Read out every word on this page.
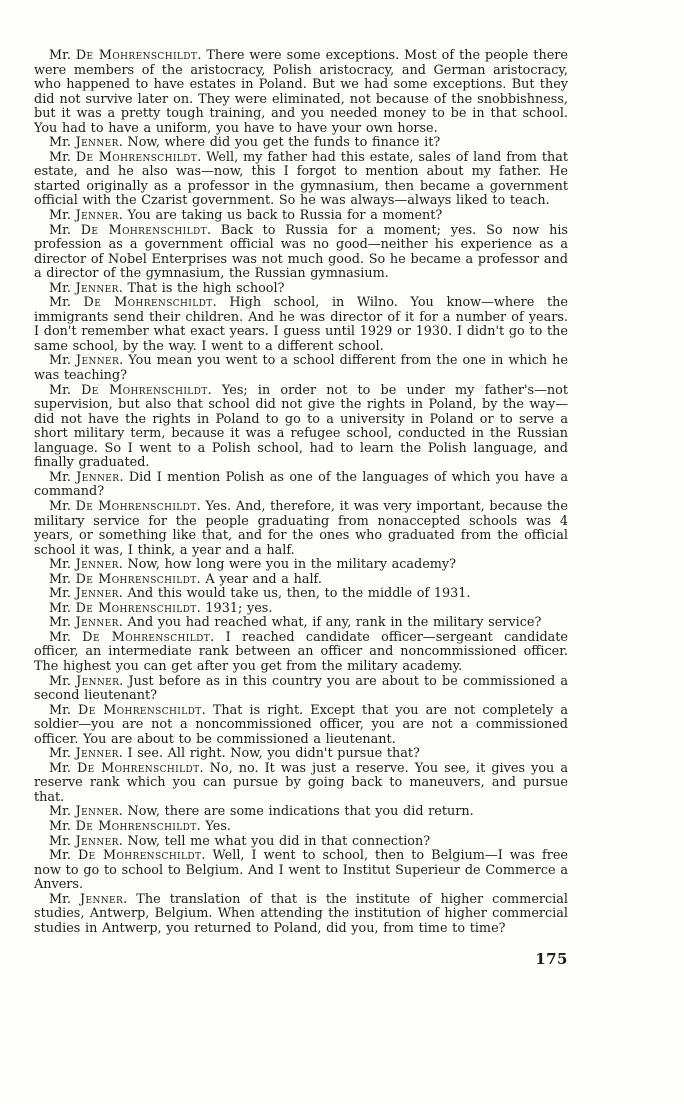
Mr. De Mohrenschildt. There were some exceptions. Most of the people there were members of the aristocracy, Polish aristocracy, and German aristocracy, who happened to have estates in Poland. But we had some exceptions. But they did not survive later on. They were eliminated, not because of the snobbishness, but it was a pretty tough training, and you needed money to be in that school. You had to have a uniform, you have to have your own horse.

Mr. Jenner. Now, where did you get the funds to finance it?

Mr. De Mohrenschildt. Well, my father had this estate, sales of land from that estate, and he also was—now, this I forgot to mention about my father. He started originally as a professor in the gymnasium, then became a government official with the Czarist government. So he was always—always liked to teach.

Mr. Jenner. You are taking us back to Russia for a moment?

Mr. De Mohrenschildt. Back to Russia for a moment; yes. So now his profession as a government official was no good—neither his experience as a director of Nobel Enterprises was not much good. So he became a professor and a director of the gymnasium, the Russian gymnasium.

Mr. Jenner. That is the high school?

Mr. De Mohrenschildt. High school, in Wilno. You know—where the immigrants send their children. And he was director of it for a number of years. I don't remember what exact years. I guess until 1929 or 1930. I didn't go to the same school, by the way. I went to a different school.

Mr. Jenner. You mean you went to a school different from the one in which he was teaching?

Mr. De Mohrenschildt. Yes; in order not to be under my father's—not supervision, but also that school did not give the rights in Poland, by the way—did not have the rights in Poland to go to a university in Poland or to serve a short military term, because it was a refugee school, conducted in the Russian language. So I went to a Polish school, had to learn the Polish language, and finally graduated.

Mr. Jenner. Did I mention Polish as one of the languages of which you have a command?

Mr. De Mohrenschildt. Yes. And, therefore, it was very important, because the military service for the people graduating from nonaccepted schools was 4 years, or something like that, and for the ones who graduated from the official school it was, I think, a year and a half.

Mr. Jenner. Now, how long were you in the military academy?

Mr. De Mohrenschildt. A year and a half.

Mr. Jenner. And this would take us, then, to the middle of 1931.

Mr. De Mohrenschildt. 1931; yes.

Mr. Jenner. And you had reached what, if any, rank in the military service?

Mr. De Mohrenschildt. I reached candidate officer—sergeant candidate officer, an intermediate rank between an officer and noncommissioned officer. The highest you can get after you get from the military academy.

Mr. Jenner. Just before as in this country you are about to be commissioned a second lieutenant?

Mr. De Mohrenschildt. That is right. Except that you are not completely a soldier—you are not a noncommissioned officer, you are not a commissioned officer. You are about to be commissioned a lieutenant.

Mr. Jenner. I see. All right. Now, you didn't pursue that?

Mr. De Mohrenschildt. No, no. It was just a reserve. You see, it gives you a reserve rank which you can pursue by going back to maneuvers, and pursue that.

Mr. Jenner. Now, there are some indications that you did return.

Mr. De Mohrenschildt. Yes.

Mr. Jenner. Now, tell me what you did in that connection?

Mr. De Mohrenschildt. Well, I went to school, then to Belgium—I was free now to go to school to Belgium. And I went to Institut Superieur de Commerce a Anvers.

Mr. Jenner. The translation of that is the institute of higher commercial studies, Antwerp, Belgium. When attending the institution of higher commercial studies in Antwerp, you returned to Poland, did you, from time to time?

175
